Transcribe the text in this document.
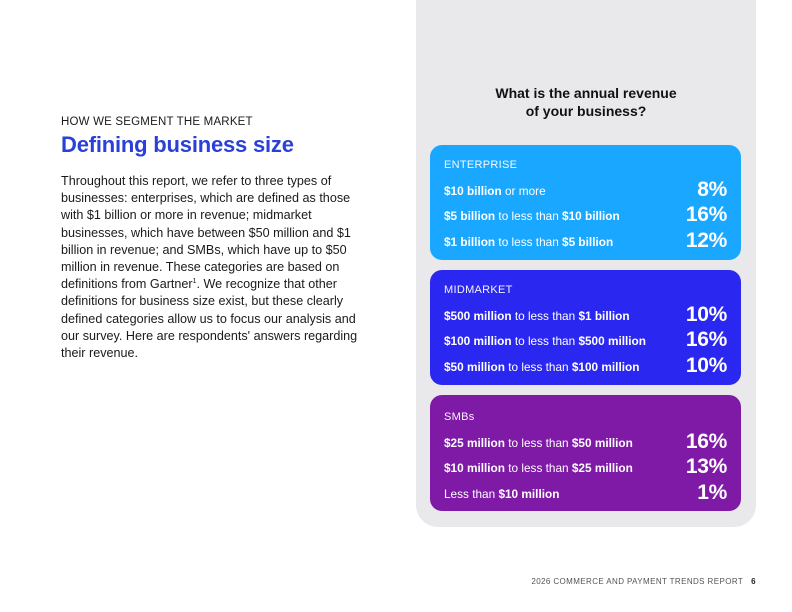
HOW WE SEGMENT THE MARKET
Defining business size

Throughout this report, we refer to three types of businesses: enterprises, which are defined as those with $1 billion or more in revenue; midmarket businesses, which have between $50 million and $1 billion in revenue; and SMBs, which have up to $50 million in revenue. These categories are based on definitions from Gartner$^1$. We recognize that other definitions for business size exist, but these clearly defined categories allow us to focus our analysis and our survey. Here are respondents' answers regarding their revenue.

What is the annual revenue
of your business?
ENTERPRISE
$10 billion or more	8%
$5 billion to less than $10 billion	16%
$1 billion to less than $5 billion	12%
MIDMARKET
$500 million to less than $1 billion	10%
$100 million to less than $500 million 16%
$50 million to less than $100 million 10%
SMBs
$25 million to less than $50 million	16%
$10 million to less than $25 million	13%
Less than $10 million	1%
2026 COMMERCE AND PAYMENT TRENDS REPORT 6
